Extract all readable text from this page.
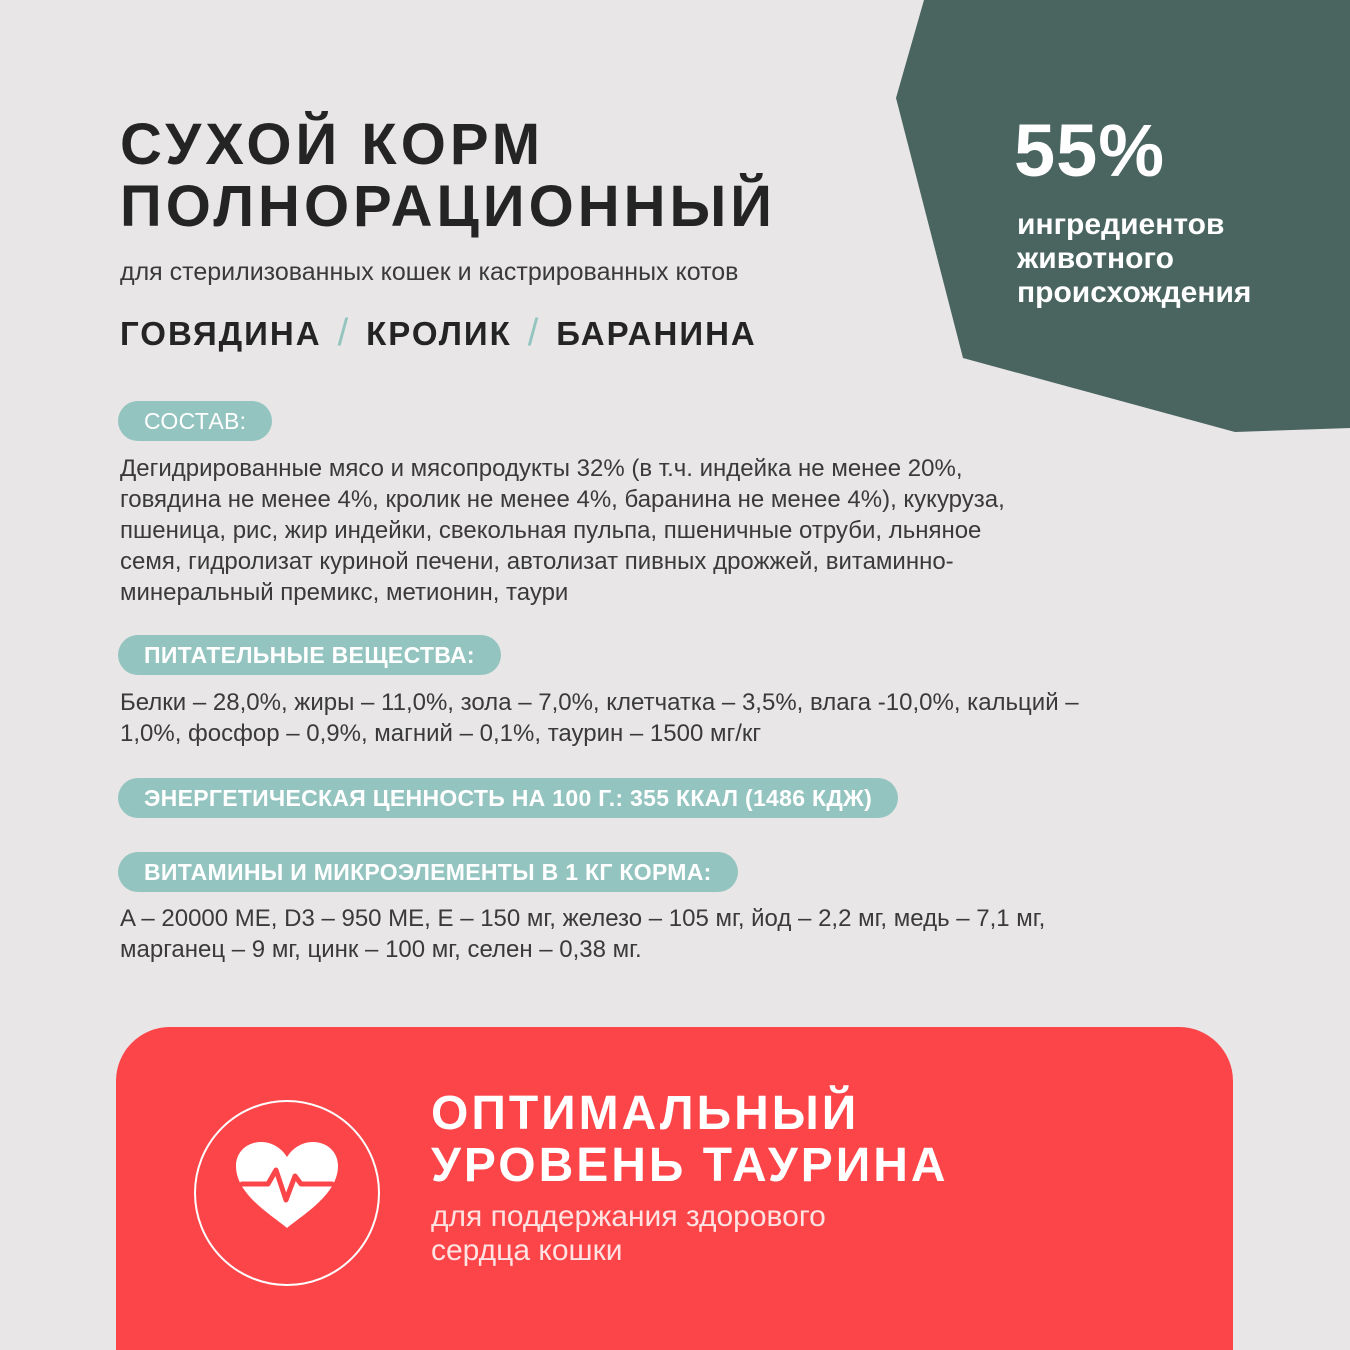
55%
ингредиентов
животного
происхождения
СУХОЙ КОРМ
ПОЛНОРАЦИОННЫЙ
для стерилизованных кошек и кастрированных котов
ГОВЯДИНА / КРОЛИК / БАРАНИНА
СОСТАВ:
Дегидрированные мясо и мясопродукты 32% (в т.ч. индейка не менее 20%,
говядина не менее 4%, кролик не менее 4%, баранина не менее 4%), кукуруза,
пшеница, рис, жир индейки, свекольная пульпа, пшеничные отруби, льняное
семя, гидролизат куриной печени, автолизат пивных дрожжей, витаминно-
минеральный премикс, метионин, таури
ПИТАТЕЛЬНЫЕ ВЕЩЕСТВА:
Белки – 28,0%, жиры – 11,0%, зола – 7,0%, клетчатка – 3,5%, влага -10,0%, кальций –
1,0%, фосфор – 0,9%, магний – 0,1%, таурин – 1500 мг/кг
ЭНЕРГЕТИЧЕСКАЯ ЦЕННОСТЬ НА 100 Г.: 355 ККАЛ (1486 КДЖ)
ВИТАМИНЫ И МИКРОЭЛЕМЕНТЫ В 1 КГ КОРМА:
A – 20000 МЕ, D3 – 950 МЕ, E – 150 мг, железо – 105 мг, йод – 2,2 мг, медь – 7,1 мг,
марганец – 9 мг, цинк – 100 мг, селен – 0,38 мг.
ОПТИМАЛЬНЫЙ
УРОВЕНЬ ТАУРИНА
для поддержания здорового
сердца кошки
